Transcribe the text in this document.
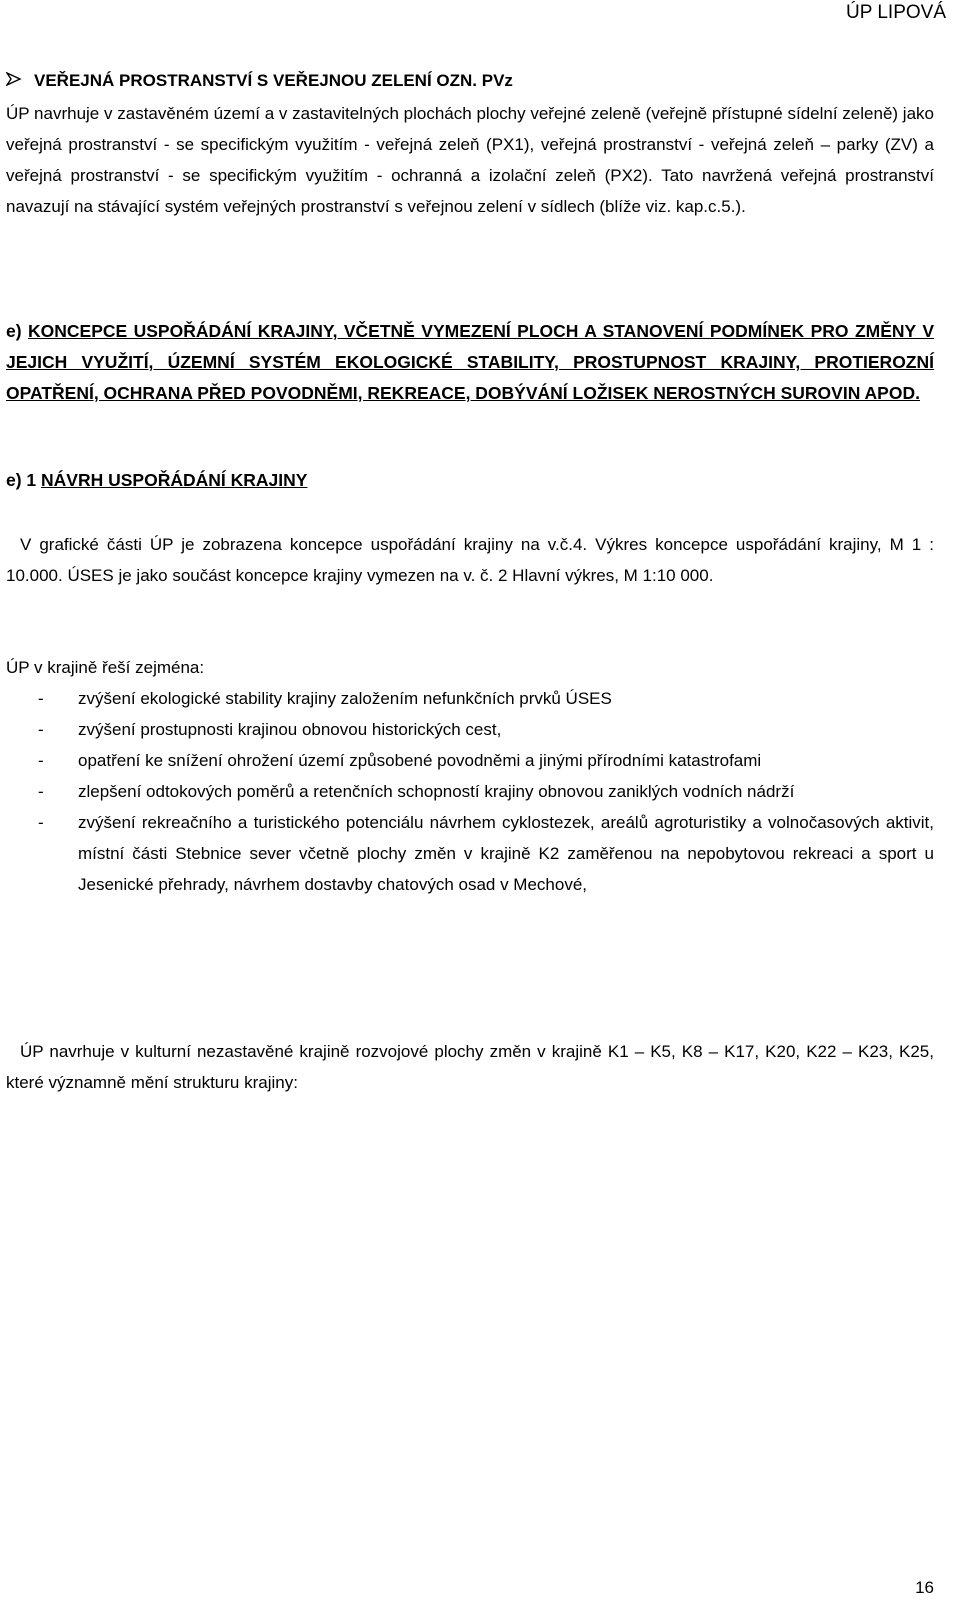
ÚP LIPOVÁ
VEŘEJNÁ PROSTRANSTVÍ S VEŘEJNOU ZELENÍ OZN. PVz
ÚP navrhuje v zastavěném území a v zastavitelných plochách plochy veřejné zeleně (veřejně přístupné sídelní zeleně) jako veřejná prostranství - se specifickým využitím - veřejná zeleň (PX1), veřejná prostranství - veřejná zeleň – parky (ZV) a veřejná prostranství - se specifickým využitím - ochranná a izolační zeleň (PX2). Tato navržená veřejná prostranství navazují na stávající systém veřejných prostranství s veřejnou zelení v sídlech (blíže viz. kap.c.5.).
e) KONCEPCE USPOŘÁDÁNÍ KRAJINY, VČETNĚ VYMEZENÍ PLOCH A STANOVENÍ PODMÍNEK PRO ZMĚNY V JEJICH VYUŽITÍ, ÚZEMNÍ SYSTÉM EKOLOGICKÉ STABILITY, PROSTUPNOST KRAJINY, PROTIEROZNÍ OPATŘENÍ, OCHRANA PŘED POVODNĚMI, REKREACE, DOBÝVÁNÍ LOŽISEK NEROSTNÝCH SUROVIN APOD.
e) 1 NÁVRH USPOŘÁDÁNÍ KRAJINY
V grafické části ÚP je zobrazena koncepce uspořádání krajiny na v.č.4. Výkres koncepce uspořádání krajiny, M 1 : 10.000. ÚSES je jako součást koncepce krajiny vymezen na v. č. 2 Hlavní výkres, M 1:10 000.
ÚP v krajině řeší zejména:
-	zvýšení ekologické stability krajiny založením nefunkčních prvků ÚSES
-	zvýšení prostupnosti krajinou obnovou historických cest,
-	opatření ke snížení ohrožení území způsobené povodněmi a jinými přírodními katastrofami
-	zlepšení odtokových poměrů a retenčních schopností krajiny obnovou zaniklých vodních nádrží
-	zvýšení rekreačního a turistického potenciálu návrhem cyklostezek, areálů agroturistiky a volnočasových aktivit, místní části Stebnice sever včetně plochy změn v krajině K2 zaměřenou na nepobytovou rekreaci a sport u Jesenické přehrady, návrhem dostavby chatových osad v Mechové,
ÚP navrhuje v kulturní nezastavěné krajině rozvojové plochy změn v krajině K1 – K5, K8 – K17, K20, K22 – K23, K25, které významně mění strukturu krajiny:
16
